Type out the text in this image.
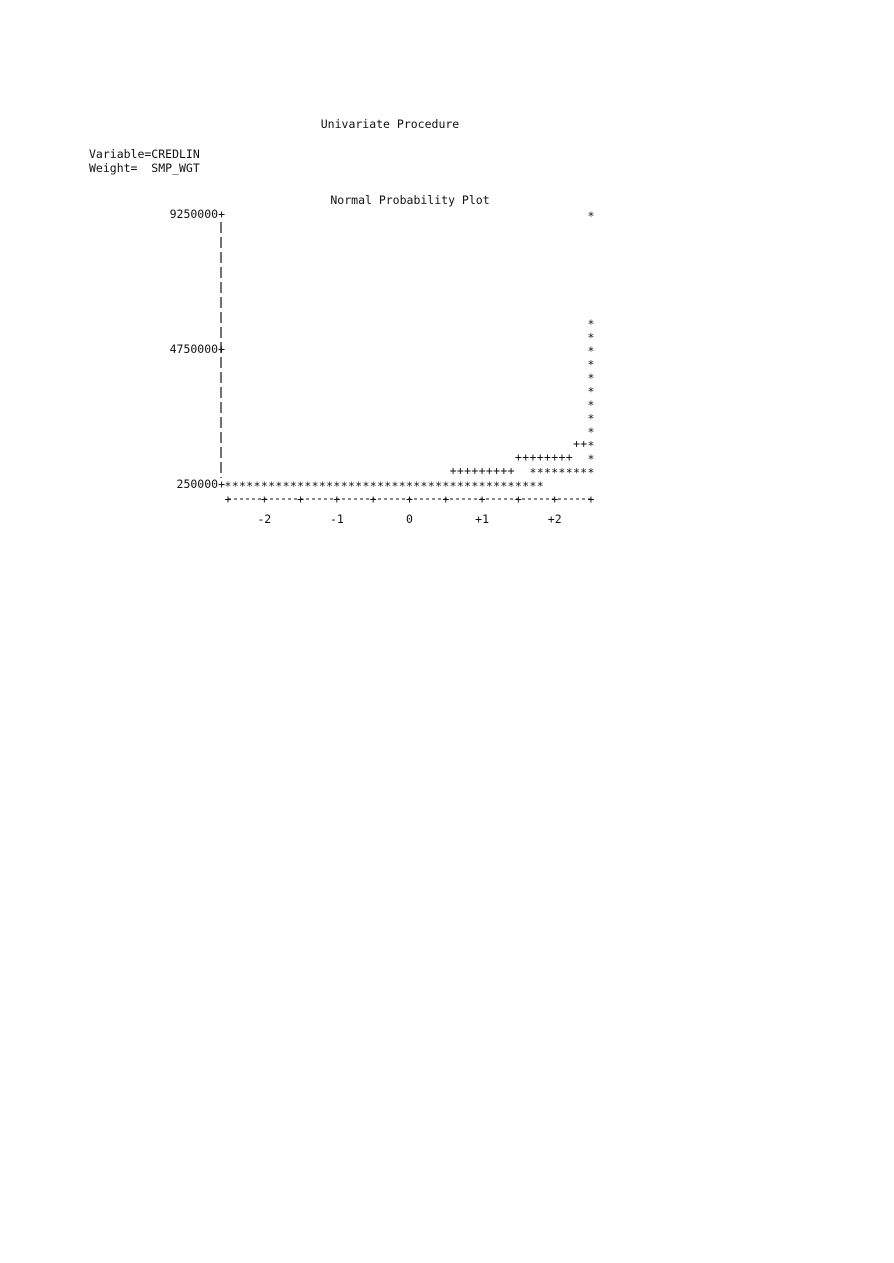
Univariate Procedure
Variable=CREDLIN
Weight=  SMP_WGT
Normal Probability Plot
9250000+
4750000+
250000+
+	+	+	+	+	+	+	+	+	+	+
-2	-1	0	+1	+2
* * * * * * * * * * * * * * * * * * * * * * * * * * * * * * * * * * * * * * * * * * * *
* * * * * * * * *
*
*
*
*
*
*
*
*
*
*
*
*
+ + + + + + + + +
+ + + + + + + +
+ +
